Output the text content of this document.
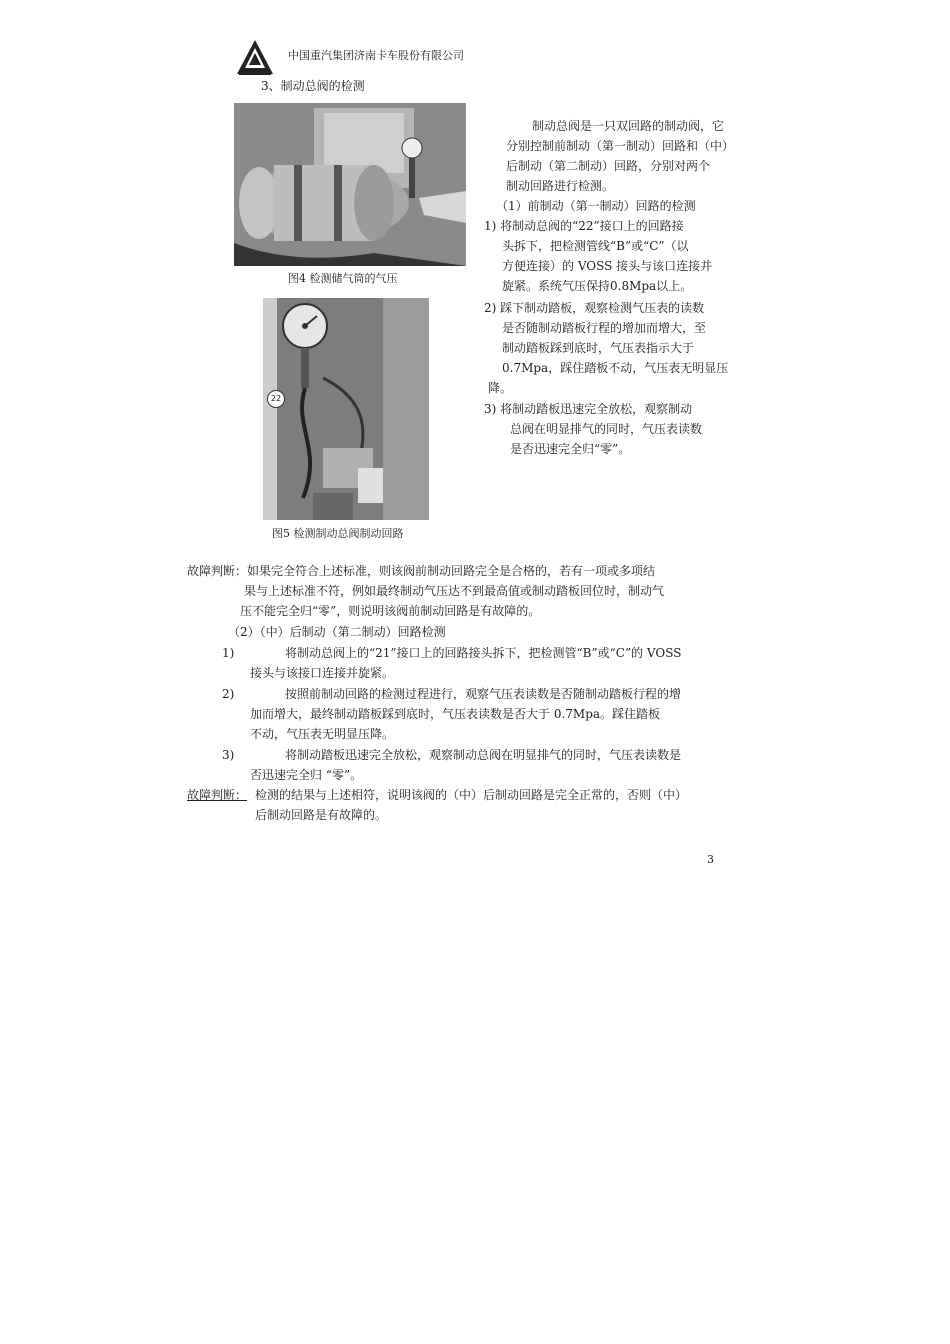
中国重汽集团济南卡车股份有限公司
3、制动总阀的检测
图4 检测储气筒的气压
22
图5 检测制动总阀制动回路
制动总阀是一只双回路的制动阀，它
分别控制前制动（第一制动）回路和（中）
后制动（第二制动）回路，分别对两个
制动回路进行检测。
（1）前制动（第一制动）回路的检测
1) 将制动总阀的“22”接口上的回路接
头拆下，把检测管线“B”或“C”（以
方便连接）的 VOSS 接头与该口连接并
旋紧。系统气压保持0.8Mpa以上。
2) 踩下制动踏板，观察检测气压表的读数
是否随制动踏板行程的增加而增大，至
制动踏板踩到底时，气压表指示大于
0.7Mpa，踩住踏板不动，气压表无明显压
降。
3) 将制动踏板迅速完全放松，观察制动
总阀在明显排气的同时，气压表读数
是否迅速完全归“零”。
故障判断：如果完全符合上述标准，则该阀前制动回路完全是合格的，若有一项或多项结
果与上述标准不符，例如最终制动气压达不到最高值或制动踏板回位时，制动气
压不能完全归“零”，则说明该阀前制动回路是有故障的。
（2）（中）后制动（第二制动）回路检测
1)	将制动总阀上的“21”接口上的回路接头拆下，把检测管“B”或“C”的 VOSS
接头与该接口连接并旋紧。
2)	按照前制动回路的检测过程进行，观察气压表读数是否随制动踏板行程的增
加而增大，最终制动踏板踩到底时，气压表读数是否大于 0.7Mpa。踩住踏板
不动，气压表无明显压降。
3)	将制动踏板迅速完全放松，观察制动总阀在明显排气的同时，气压表读数是
否迅速完全归 “零”。
故障判断： 检测的结果与上述相符，说明该阀的（中）后制动回路是完全正常的，否则（中）
后制动回路是有故障的。
3
